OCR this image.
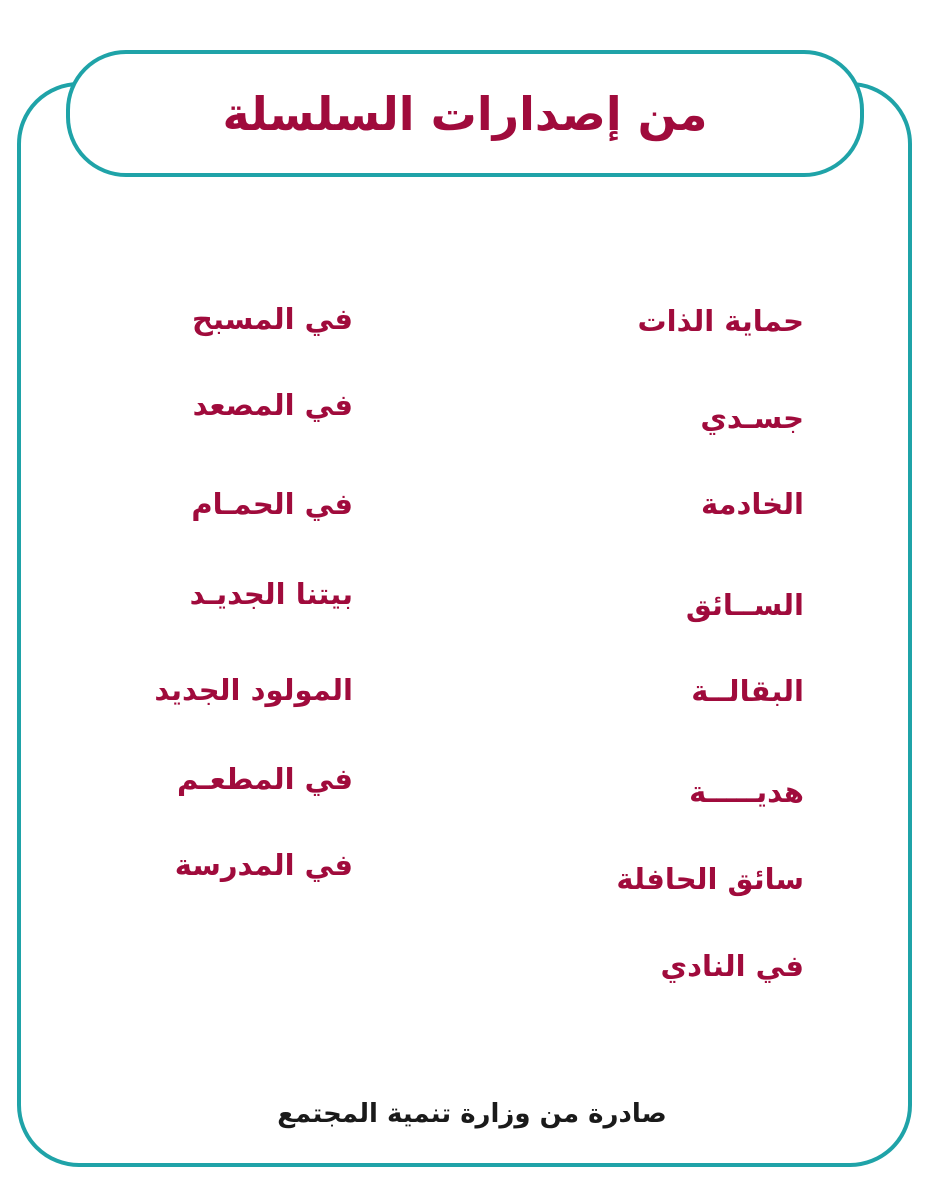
من إصدارات السلسلة
حماية الذات
جسـدي
الخادمة
الســائق
البقالــة
هديـــــة
سائق الحافلة
في النادي
في المسبح
في المصعد
في الحمـام
بيتنا الجديـد
المولود الجديد
في المطعـم
في المدرسة
صادرة من وزارة تنمية المجتمع
